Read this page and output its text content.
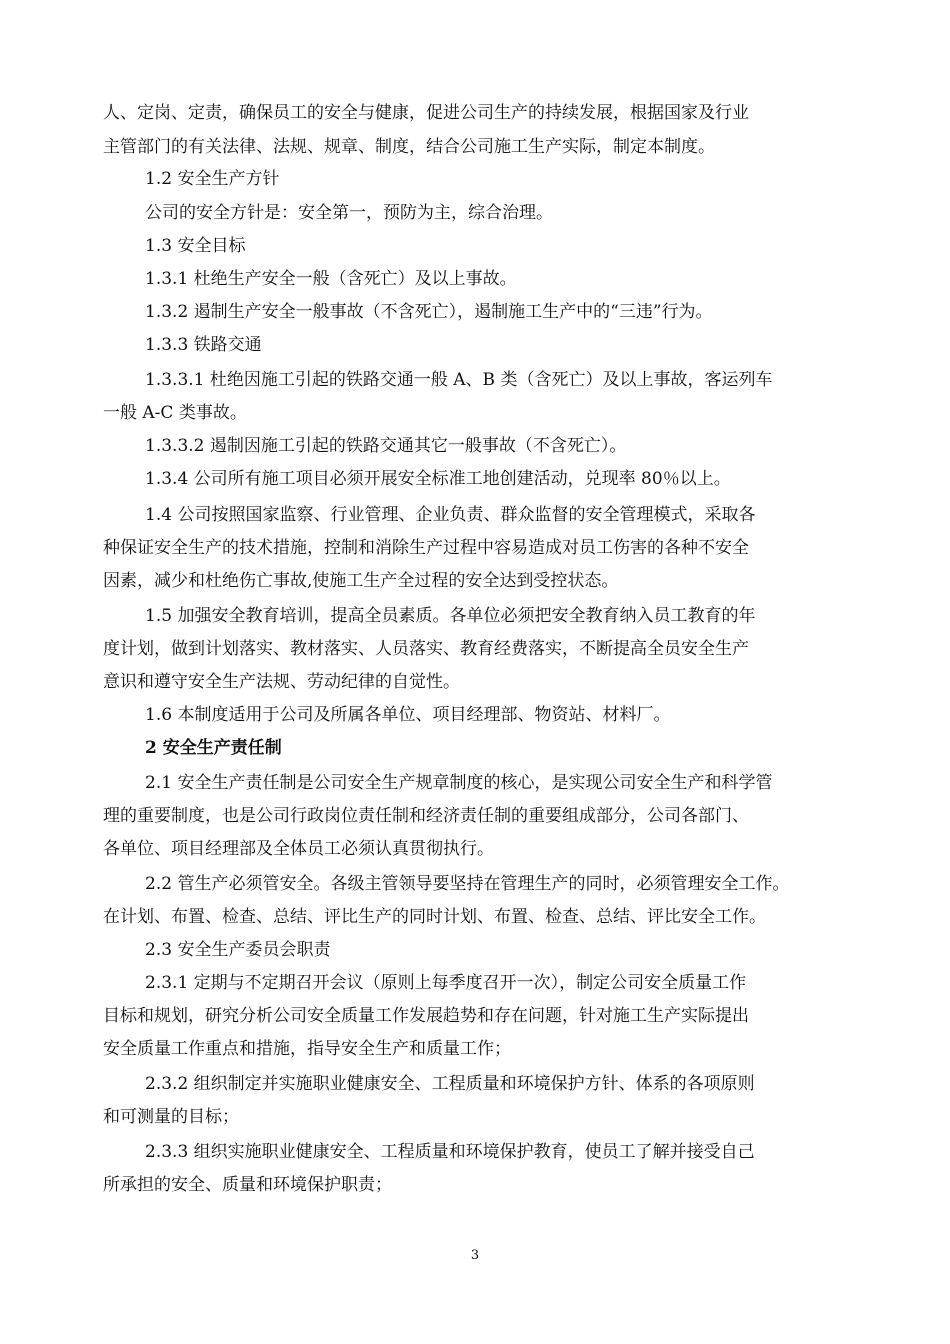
人、定岗、定责，确保员工的安全与健康，促进公司生产的持续发展，根据国家及行业
主管部门的有关法律、法规、规章、制度，结合公司施工生产实际，制定本制度。
1.2 安全生产方针
公司的安全方针是：安全第一，预防为主，综合治理。
1.3 安全目标
1.3.1 杜绝生产安全一般（含死亡）及以上事故。
1.3.2 遏制生产安全一般事故（不含死亡），遏制施工生产中的“三违”行为。
1.3.3 铁路交通
1.3.3.1 杜绝因施工引起的铁路交通一般 A、B 类（含死亡）及以上事故，客运列车
一般 A-C 类事故。
1.3.3.2 遏制因施工引起的铁路交通其它一般事故（不含死亡）。
1.3.4 公司所有施工项目必须开展安全标准工地创建活动，兑现率 80％以上。
1.4 公司按照国家监察、行业管理、企业负责、群众监督的安全管理模式，采取各
种保证安全生产的技术措施，控制和消除生产过程中容易造成对员工伤害的各种不安全
因素，减少和杜绝伤亡事故,使施工生产全过程的安全达到受控状态。
1.5 加强安全教育培训，提高全员素质。各单位必须把安全教育纳入员工教育的年
度计划，做到计划落实、教材落实、人员落实、教育经费落实，不断提高全员安全生产
意识和遵守安全生产法规、劳动纪律的自觉性。
1.6 本制度适用于公司及所属各单位、项目经理部、物资站、材料厂。
2 安全生产责任制
2.1 安全生产责任制是公司安全生产规章制度的核心，是实现公司安全生产和科学管
理的重要制度，也是公司行政岗位责任制和经济责任制的重要组成部分，公司各部门、
各单位、项目经理部及全体员工必须认真贯彻执行。
2.2 管生产必须管安全。各级主管领导要坚持在管理生产的同时，必须管理安全工作。
在计划、布置、检查、总结、评比生产的同时计划、布置、检查、总结、评比安全工作。
2.3 安全生产委员会职责
2.3.1 定期与不定期召开会议（原则上每季度召开一次），制定公司安全质量工作
目标和规划，研究分析公司安全质量工作发展趋势和存在问题，针对施工生产实际提出
安全质量工作重点和措施，指导安全生产和质量工作；
2.3.2 组织制定并实施职业健康安全、工程质量和环境保护方针、体系的各项原则
和可测量的目标；
2.3.3 组织实施职业健康安全、工程质量和环境保护教育，使员工了解并接受自己
所承担的安全、质量和环境保护职责；
3
